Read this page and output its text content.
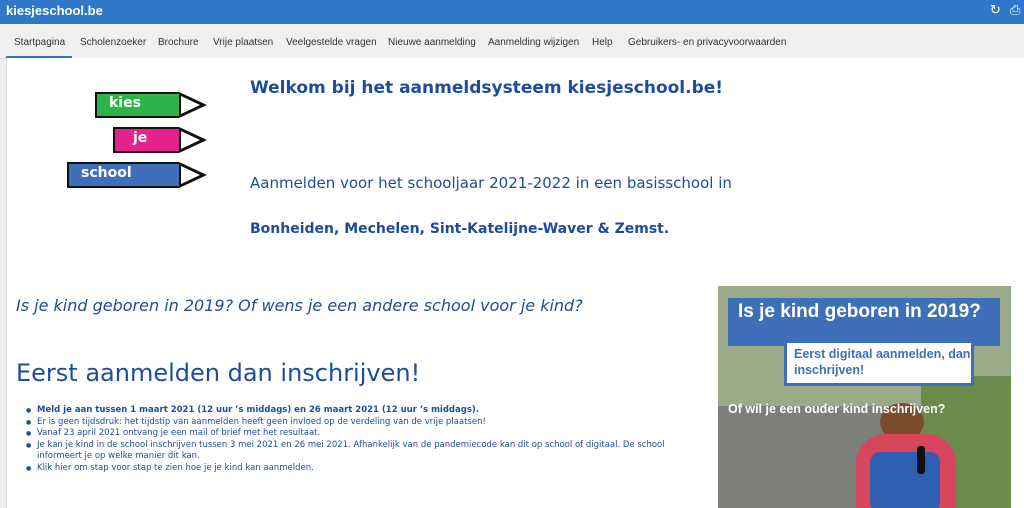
kiesjeschool.be	↻ ⎙
Startpagina Scholenzoeker Brochure Vrije plaatsen Veelgestelde vragen Nieuwe aanmelding Aanmelding wijzigen Help Gebruikers- en privacyvoorwaarden
kies
je
school
Welkom bij het aanmeldsysteem kiesjeschool.be!
Aanmelden voor het schooljaar 2021-2022 in een basisschool in
Bonheiden, Mechelen, Sint-Katelijne-Waver & Zemst.
Is je kind geboren in 2019? Of wens je een andere school voor je kind?
Eerst aanmelden dan inschrijven!
● Meld je aan tussen 1 maart 2021 (12 uur ’s middags) en 26 maart 2021 (12 uur ’s middags).
● Er is geen tijdsdruk: het tijdstip van aanmelden heeft geen invloed op de verdeling van de vrije plaatsen!
● Vanaf 23 april 2021 ontvang je een mail of brief met het resultaat.
● Je kan je kind in de school inschrijven tussen 3 mei 2021 en 26 mei 2021. Afhankelijk van de pandemiecode kan dit op school of digitaal. De school informeert je op welke manier dit kan.
● Klik hier om stap voor stap te zien hoe je je kind kan aanmelden.
Is je kind geboren in 2019?
Eerst digitaal aanmelden, dan inschrijven!
Of wil je een ouder kind inschrijven?
